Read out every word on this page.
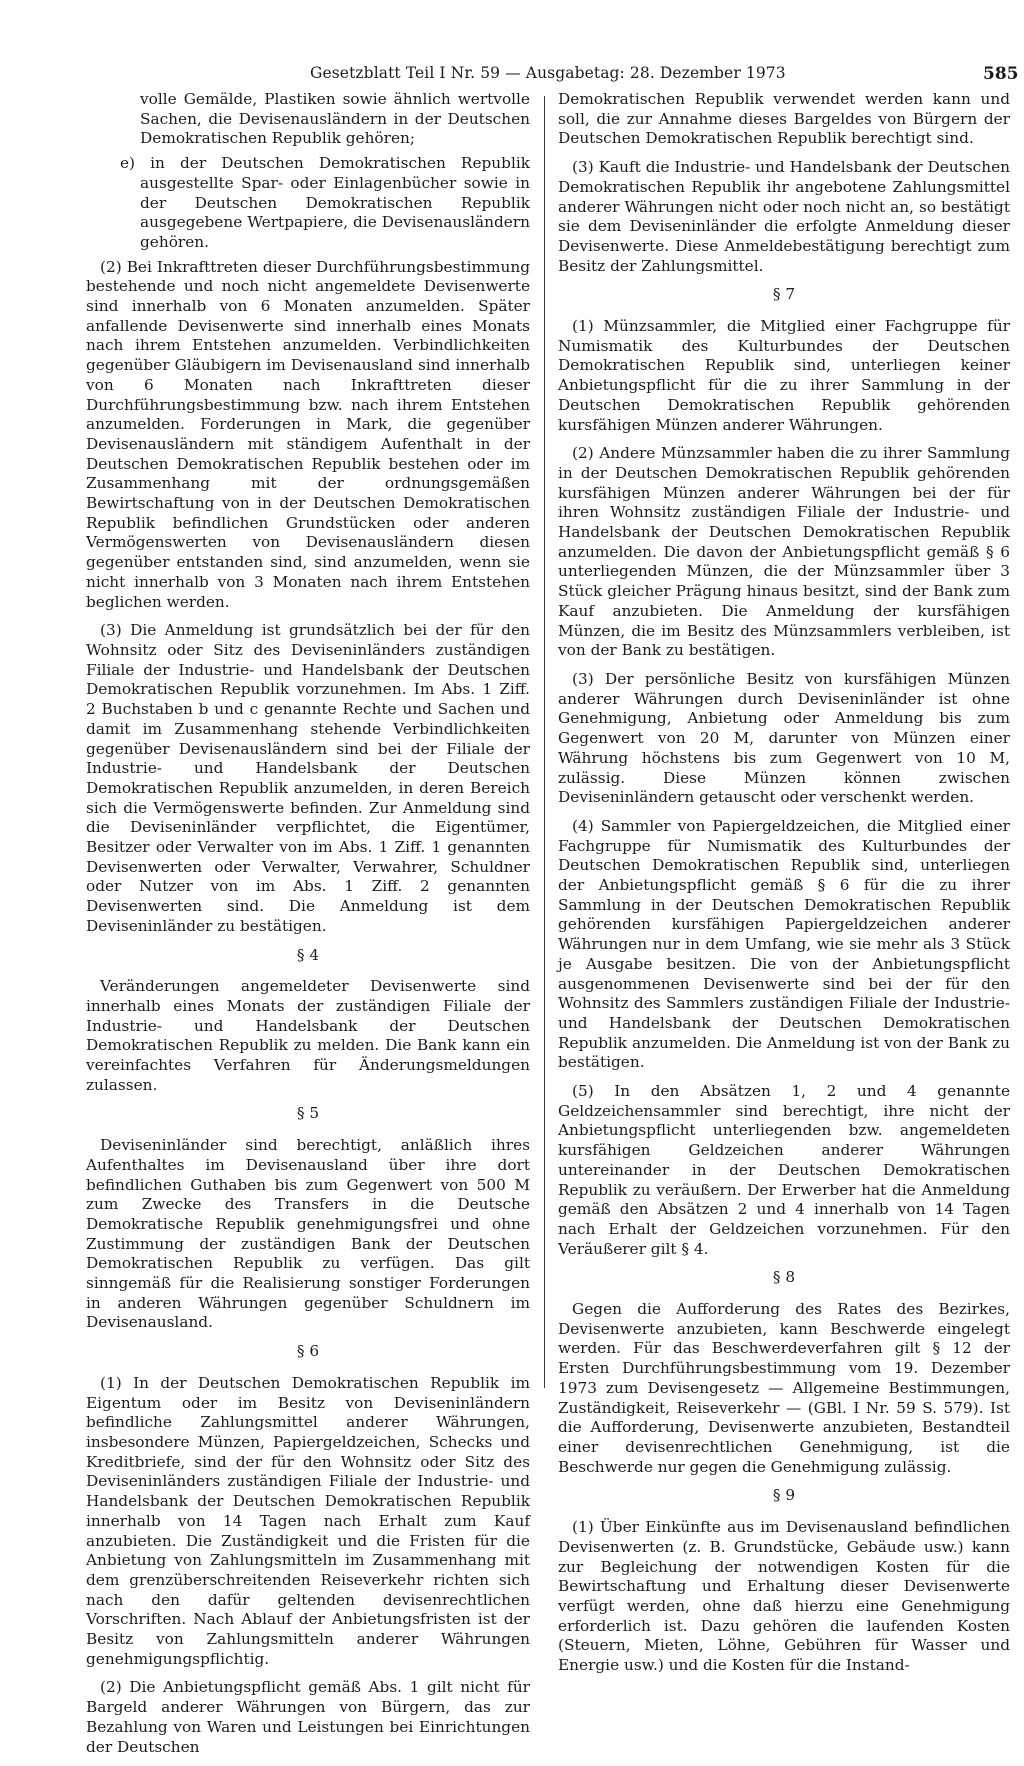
Gesetzblatt Teil I Nr. 59 — Ausgabetag: 28. Dezember 1973	585

volle Gemälde, Plastiken sowie ähnlich wertvolle Sachen, die Devisenausländern in der Deutschen Demokratischen Republik gehören;

e) in der Deutschen Demokratischen Republik ausgestellte Spar- oder Einlagenbücher sowie in der Deutschen Demokratischen Republik ausgegebene Wertpapiere, die Devisenausländern gehören.

(2) Bei Inkrafttreten dieser Durchführungsbestimmung bestehende und noch nicht angemeldete Devisenwerte sind innerhalb von 6 Monaten anzumelden. Später anfallende Devisenwerte sind innerhalb eines Monats nach ihrem Entstehen anzumelden. Verbindlichkeiten gegenüber Gläubigern im Devisenausland sind innerhalb von 6 Monaten nach Inkrafttreten dieser Durchführungsbestimmung bzw. nach ihrem Entstehen anzumelden. Forderungen in Mark, die gegenüber Devisenausländern mit ständigem Aufenthalt in der Deutschen Demokratischen Republik bestehen oder im Zusammenhang mit der ordnungsgemäßen Bewirtschaftung von in der Deutschen Demokratischen Republik befindlichen Grundstücken oder anderen Vermögenswerten von Devisenausländern diesen gegenüber entstanden sind, sind anzumelden, wenn sie nicht innerhalb von 3 Monaten nach ihrem Entstehen beglichen werden.

(3) Die Anmeldung ist grundsätzlich bei der für den Wohnsitz oder Sitz des Deviseninländers zuständigen Filiale der Industrie- und Handelsbank der Deutschen Demokratischen Republik vorzunehmen. Im Abs. 1 Ziff. 2 Buchstaben b und c genannte Rechte und Sachen und damit im Zusammenhang stehende Verbindlichkeiten gegenüber Devisenausländern sind bei der Filiale der Industrie- und Handelsbank der Deutschen Demokratischen Republik anzumelden, in deren Bereich sich die Vermögenswerte befinden. Zur Anmeldung sind die Deviseninländer verpflichtet, die Eigentümer, Besitzer oder Verwalter von im Abs. 1 Ziff. 1 genannten Devisenwerten oder Verwalter, Verwahrer, Schuldner oder Nutzer von im Abs. 1 Ziff. 2 genannten Devisenwerten sind. Die Anmeldung ist dem Deviseninländer zu bestätigen.

§ 4

Veränderungen angemeldeter Devisenwerte sind innerhalb eines Monats der zuständigen Filiale der Industrie- und Handelsbank der Deutschen Demokratischen Republik zu melden. Die Bank kann ein vereinfachtes Verfahren für Änderungsmeldungen zulassen.

§ 5

Deviseninländer sind berechtigt, anläßlich ihres Aufenthaltes im Devisenausland über ihre dort befindlichen Guthaben bis zum Gegenwert von 500 M zum Zwecke des Transfers in die Deutsche Demokratische Republik genehmigungsfrei und ohne Zustimmung der zuständigen Bank der Deutschen Demokratischen Republik zu verfügen. Das gilt sinngemäß für die Realisierung sonstiger Forderungen in anderen Währungen gegenüber Schuldnern im Devisenausland.

§ 6

(1) In der Deutschen Demokratischen Republik im Eigentum oder im Besitz von Deviseninländern befindliche Zahlungsmittel anderer Währungen, insbesondere Münzen, Papiergeldzeichen, Schecks und Kreditbriefe, sind der für den Wohnsitz oder Sitz des Deviseninländers zuständigen Filiale der Industrie- und Handelsbank der Deutschen Demokratischen Republik innerhalb von 14 Tagen nach Erhalt zum Kauf anzubieten. Die Zuständigkeit und die Fristen für die Anbietung von Zahlungsmitteln im Zusammenhang mit dem grenzüberschreitenden Reiseverkehr richten sich nach den dafür geltenden devisenrechtlichen Vorschriften. Nach Ablauf der Anbietungsfristen ist der Besitz von Zahlungsmitteln anderer Währungen genehmigungspflichtig.

(2) Die Anbietungspflicht gemäß Abs. 1 gilt nicht für Bargeld anderer Währungen von Bürgern, das zur Bezahlung von Waren und Leistungen bei Einrichtungen der Deutschen

Demokratischen Republik verwendet werden kann und soll, die zur Annahme dieses Bargeldes von Bürgern der Deutschen Demokratischen Republik berechtigt sind.

(3) Kauft die Industrie- und Handelsbank der Deutschen Demokratischen Republik ihr angebotene Zahlungsmittel anderer Währungen nicht oder noch nicht an, so bestätigt sie dem Deviseninländer die erfolgte Anmeldung dieser Devisenwerte. Diese Anmeldebestätigung berechtigt zum Besitz der Zahlungsmittel.

§ 7

(1) Münzsammler, die Mitglied einer Fachgruppe für Numismatik des Kulturbundes der Deutschen Demokratischen Republik sind, unterliegen keiner Anbietungspflicht für die zu ihrer Sammlung in der Deutschen Demokratischen Republik gehörenden kursfähigen Münzen anderer Währungen.

(2) Andere Münzsammler haben die zu ihrer Sammlung in der Deutschen Demokratischen Republik gehörenden kursfähigen Münzen anderer Währungen bei der für ihren Wohnsitz zuständigen Filiale der Industrie- und Handelsbank der Deutschen Demokratischen Republik anzumelden. Die davon der Anbietungspflicht gemäß § 6 unterliegenden Münzen, die der Münzsammler über 3 Stück gleicher Prägung hinaus besitzt, sind der Bank zum Kauf anzubieten. Die Anmeldung der kursfähigen Münzen, die im Besitz des Münzsammlers verbleiben, ist von der Bank zu bestätigen.

(3) Der persönliche Besitz von kursfähigen Münzen anderer Währungen durch Deviseninländer ist ohne Genehmigung, Anbietung oder Anmeldung bis zum Gegenwert von 20 M, darunter von Münzen einer Währung höchstens bis zum Gegenwert von 10 M, zulässig. Diese Münzen können zwischen Deviseninländern getauscht oder verschenkt werden.

(4) Sammler von Papiergeldzeichen, die Mitglied einer Fachgruppe für Numismatik des Kulturbundes der Deutschen Demokratischen Republik sind, unterliegen der Anbietungspflicht gemäß § 6 für die zu ihrer Sammlung in der Deutschen Demokratischen Republik gehörenden kursfähigen Papiergeldzeichen anderer Währungen nur in dem Umfang, wie sie mehr als 3 Stück je Ausgabe besitzen. Die von der Anbietungspflicht ausgenommenen Devisenwerte sind bei der für den Wohnsitz des Sammlers zuständigen Filiale der Industrie- und Handelsbank der Deutschen Demokratischen Republik anzumelden. Die Anmeldung ist von der Bank zu bestätigen.

(5) In den Absätzen 1, 2 und 4 genannte Geldzeichensammler sind berechtigt, ihre nicht der Anbietungspflicht unterliegenden bzw. angemeldeten kursfähigen Geldzeichen anderer Währungen untereinander in der Deutschen Demokratischen Republik zu veräußern. Der Erwerber hat die Anmeldung gemäß den Absätzen 2 und 4 innerhalb von 14 Tagen nach Erhalt der Geldzeichen vorzunehmen. Für den Veräußerer gilt § 4.

§ 8

Gegen die Aufforderung des Rates des Bezirkes, Devisenwerte anzubieten, kann Beschwerde eingelegt werden. Für das Beschwerdeverfahren gilt § 12 der Ersten Durchführungsbestimmung vom 19. Dezember 1973 zum Devisengesetz — Allgemeine Bestimmungen, Zuständigkeit, Reiseverkehr — (GBl. I Nr. 59 S. 579). Ist die Aufforderung, Devisenwerte anzubieten, Bestandteil einer devisenrechtlichen Genehmigung, ist die Beschwerde nur gegen die Genehmigung zulässig.

§ 9

(1) Über Einkünfte aus im Devisenausland befindlichen Devisenwerten (z. B. Grundstücke, Gebäude usw.) kann zur Begleichung der notwendigen Kosten für die Bewirtschaftung und Erhaltung dieser Devisenwerte verfügt werden, ohne daß hierzu eine Genehmigung erforderlich ist. Dazu gehören die laufenden Kosten (Steuern, Mieten, Löhne, Gebühren für Wasser und Energie usw.) und die Kosten für die Instand-
